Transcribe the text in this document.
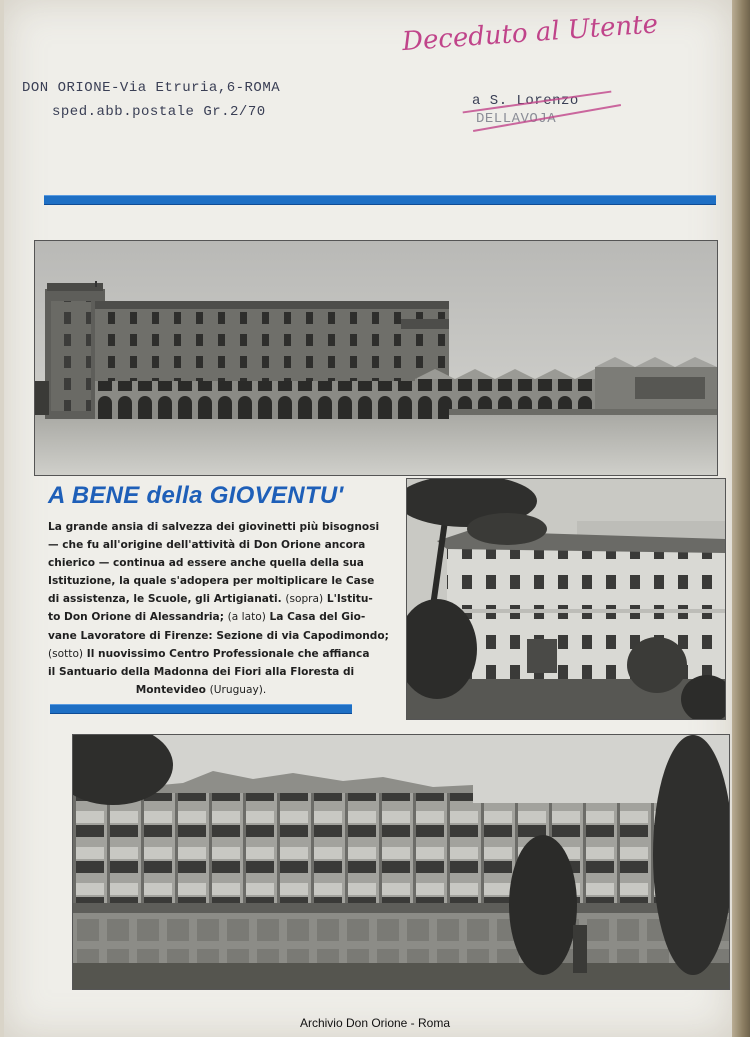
Deceduto al Utente
DON ORIONE-Via Etruria,6-ROMA
sped.abb.postale Gr.2/70
a S. Lorenzo
DELLAVOJA
A BENE della GIOVENTU'
La grande ansia di salvezza dei giovinetti più bisognosi
— che fu all'origine dell'attività di Don Orione ancora
chierico — continua ad essere anche quella della sua
Istituzione, la quale s'adopera per moltiplicare le Case
di assistenza, le Scuole, gli Artigianati. (sopra) L'Istitu-
to Don Orione di Alessandria; (a lato) La Casa del Gio-
vane Lavoratore di Firenze: Sezione di via Capodimondo;
(sotto) Il nuovissimo Centro Professionale che affianca
il Santuario della Madonna dei Fiori alla Floresta di
Montevideo (Uruguay).
Archivio Don Orione - Roma
